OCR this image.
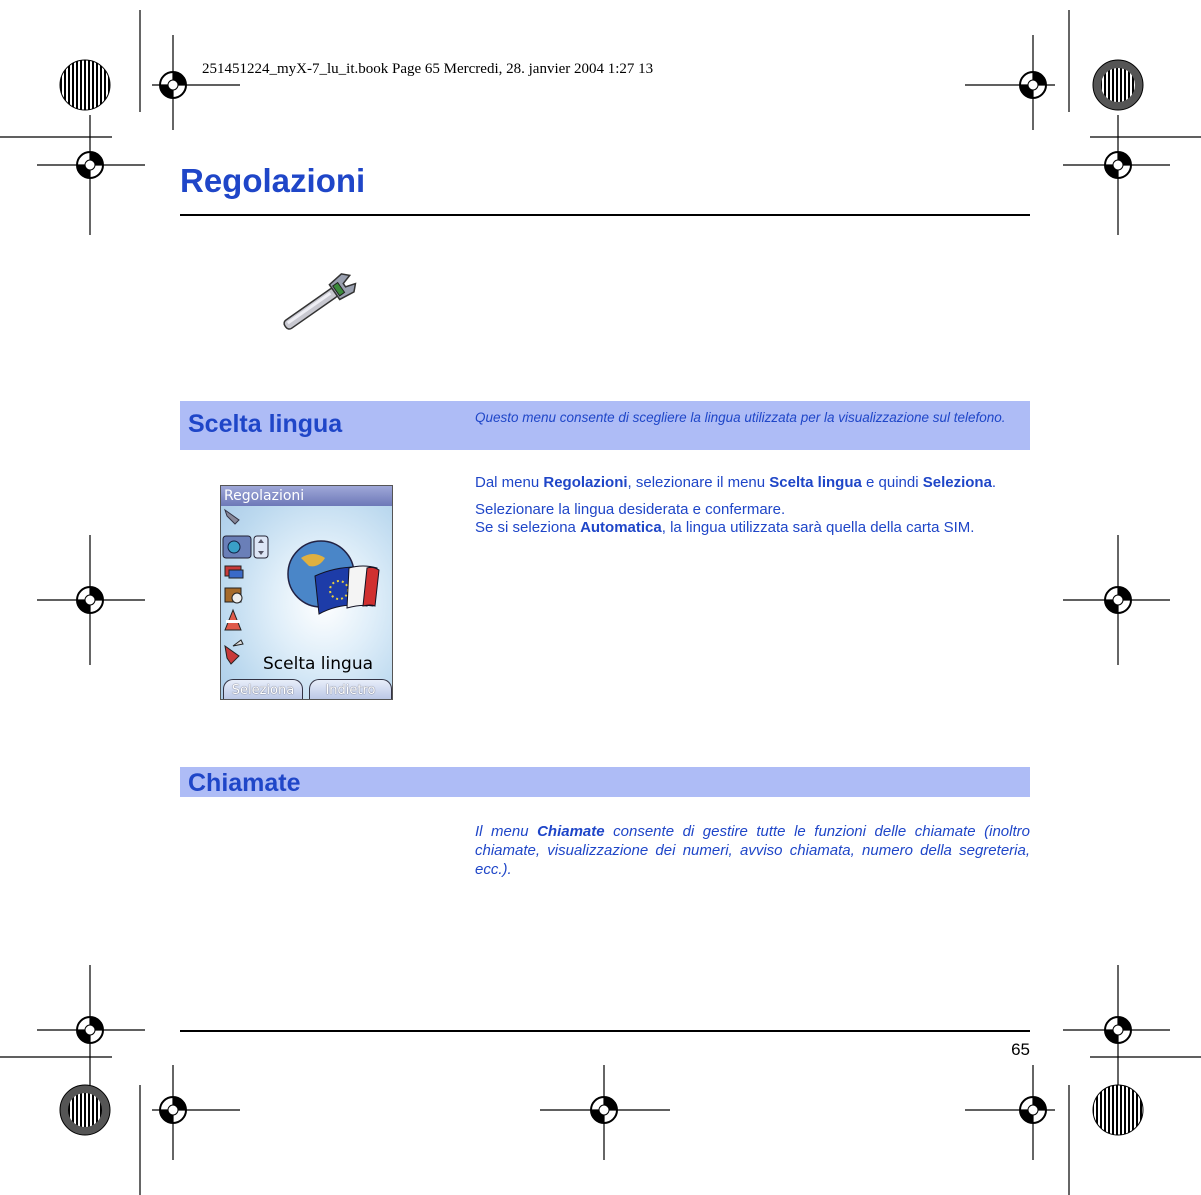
251451224_myX-7_lu_it.book Page 65 Mercredi, 28. janvier 2004 1:27 13
Regolazioni
Scelta lingua	Questo menu consente di scegliere la lingua utilizzata per la visualizzazione sul telefono.
Regolazioni
Scelta lingua
Seleziona	Indietro

Dal menu Regolazioni, selezionare il menu Scelta lingua e quindi Seleziona.

Selezionare la lingua desiderata e confermare.
Se si seleziona Automatica, la lingua utilizzata sarà quella della carta SIM.

Chiamate
Il menu Chiamate consente di gestire tutte le funzioni delle chiamate (inoltro chiamate, visualizzazione dei numeri, avviso chiamata, numero della segreteria, ecc.).
65
